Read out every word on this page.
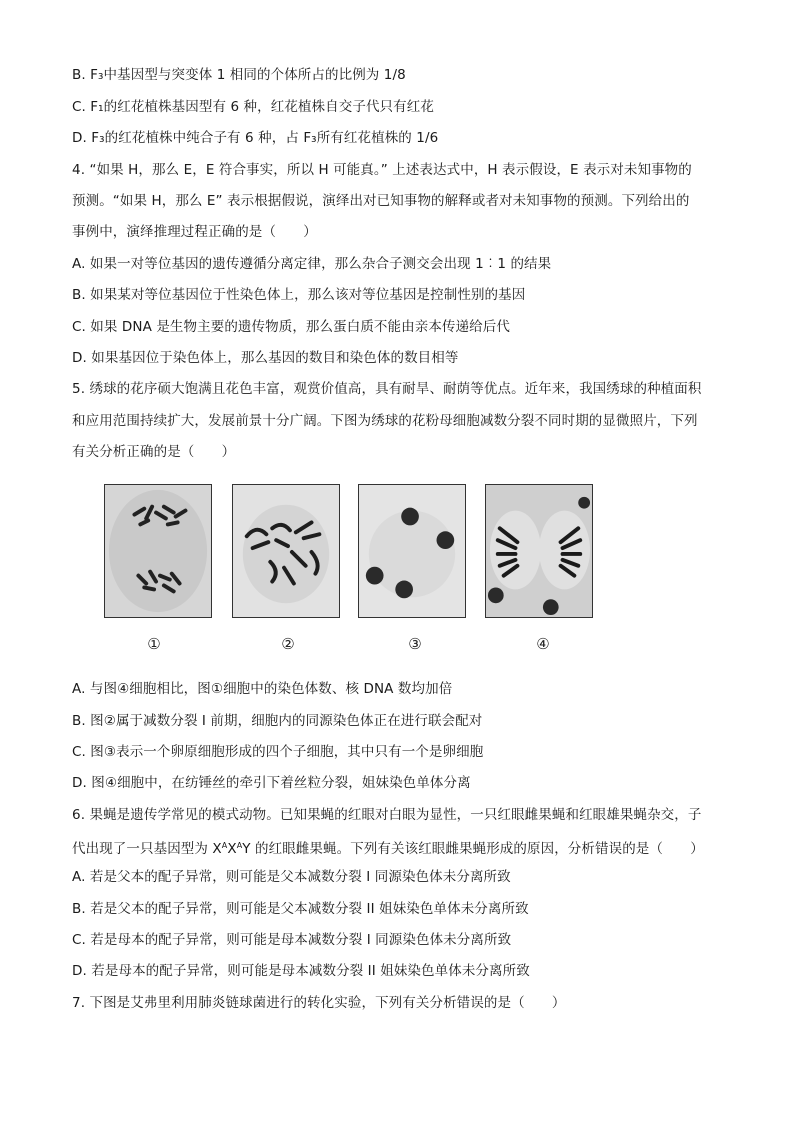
B. F₃中基因型与突变体 1 相同的个体所占的比例为 1/8
C. F₁的红花植株基因型有 6 种，红花植株自交子代只有红花
D. F₃的红花植株中纯合子有 6 种，占 F₃所有红花植株的 1/6
4. “如果 H，那么 E，E 符合事实，所以 H 可能真。” 上述表达式中，H 表示假设，E 表示对未知事物的
预测。“如果 H，那么 E” 表示根据假说，演绎出对已知事物的解释或者对未知事物的预测。下列给出的
事例中，演绎推理过程正确的是（　　）
A. 如果一对等位基因的遗传遵循分离定律，那么杂合子测交会出现 1︰1 的结果
B. 如果某对等位基因位于性染色体上，那么该对等位基因是控制性别的基因
C. 如果 DNA 是生物主要的遗传物质，那么蛋白质不能由亲本传递给后代
D. 如果基因位于染色体上，那么基因的数目和染色体的数目相等
5. 绣球的花序硕大饱满且花色丰富，观赏价值高，具有耐旱、耐荫等优点。近年来，我国绣球的种植面积
和应用范围持续扩大，发展前景十分广阔。下图为绣球的花粉母细胞减数分裂不同时期的显微照片，下列
有关分析正确的是（　　）
①	②	③	④
A. 与图④细胞相比，图①细胞中的染色体数、核 DNA 数均加倍
B. 图②属于减数分裂 I 前期，细胞内的同源染色体正在进行联会配对
C. 图③表示一个卵原细胞形成的四个子细胞，其中只有一个是卵细胞
D. 图④细胞中，在纺锤丝的牵引下着丝粒分裂，姐妹染色单体分离
6. 果蝇是遗传学常见的模式动物。已知果蝇的红眼对白眼为显性，一只红眼雌果蝇和红眼雄果蝇杂交，子
代出现了一只基因型为 $X^AX^AY$ 的红眼雌果蝇。下列有关该红眼雌果蝇形成的原因，分析错误的是（　　）
A. 若是父本的配子异常，则可能是父本减数分裂 I 同源染色体未分离所致
B. 若是父本的配子异常，则可能是父本减数分裂 II 姐妹染色单体未分离所致
C. 若是母本的配子异常，则可能是母本减数分裂 I 同源染色体未分离所致
D. 若是母本的配子异常，则可能是母本减数分裂 II 姐妹染色单体未分离所致
7. 下图是艾弗里利用肺炎链球菌进行的转化实验，下列有关分析错误的是（　　）
